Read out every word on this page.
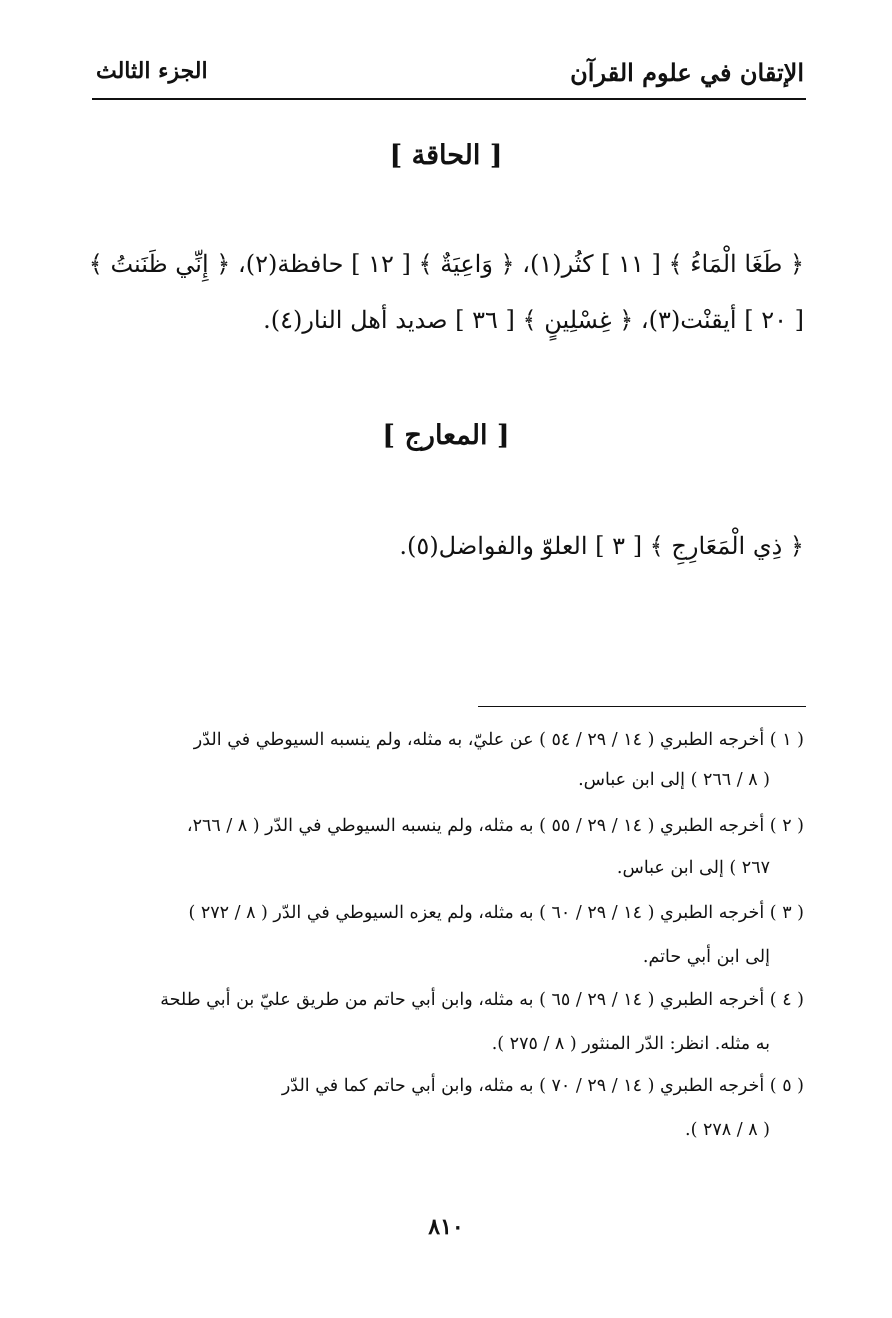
الإتقان في علوم القرآن
الجزء الثالث
[ الحاقة ]
﴿ طَغَا الْمَاءُ ﴾ [ ١١ ] كثُر(١)، ﴿ وَاعِيَةٌ ﴾ [ ١٢ ] حافظة(٢)، ﴿ إِنِّي ظَنَنتُ ﴾
[ ٢٠ ] أيقنْت(٣)، ﴿ غِسْلِينٍ ﴾ [ ٣٦ ] صديد أهل النار(٤).
[ المعارج ]
﴿ ذِي الْمَعَارِجِ ﴾ [ ٣ ] العلوّ والفواضل(٥).
( ١ ) أخرجه الطبري ( ١٤ / ٢٩ / ٥٤ ) عن عليّ، به مثله، ولم ينسبه السيوطي في الدّر
( ٨ / ٢٦٦ ) إلى ابن عباس.
( ٢ ) أخرجه الطبري ( ١٤ / ٢٩ / ٥٥ ) به مثله، ولم ينسبه السيوطي في الدّر ( ٨ / ٢٦٦،
٢٦٧ ) إلى ابن عباس.
( ٣ ) أخرجه الطبري ( ١٤ / ٢٩ / ٦٠ ) به مثله، ولم يعزه السيوطي في الدّر ( ٨ / ٢٧٢ )
إلى ابن أبي حاتم.
( ٤ ) أخرجه الطبري ( ١٤ / ٢٩ / ٦٥ ) به مثله، وابن أبي حاتم من طريق عليّ بن أبي طلحة
به مثله. انظر: الدّر المنثور ( ٨ / ٢٧٥ ).
( ٥ ) أخرجه الطبري ( ١٤ / ٢٩ / ٧٠ ) به مثله، وابن أبي حاتم كما في الدّر
( ٨ / ٢٧٨ ).
٨١٠
